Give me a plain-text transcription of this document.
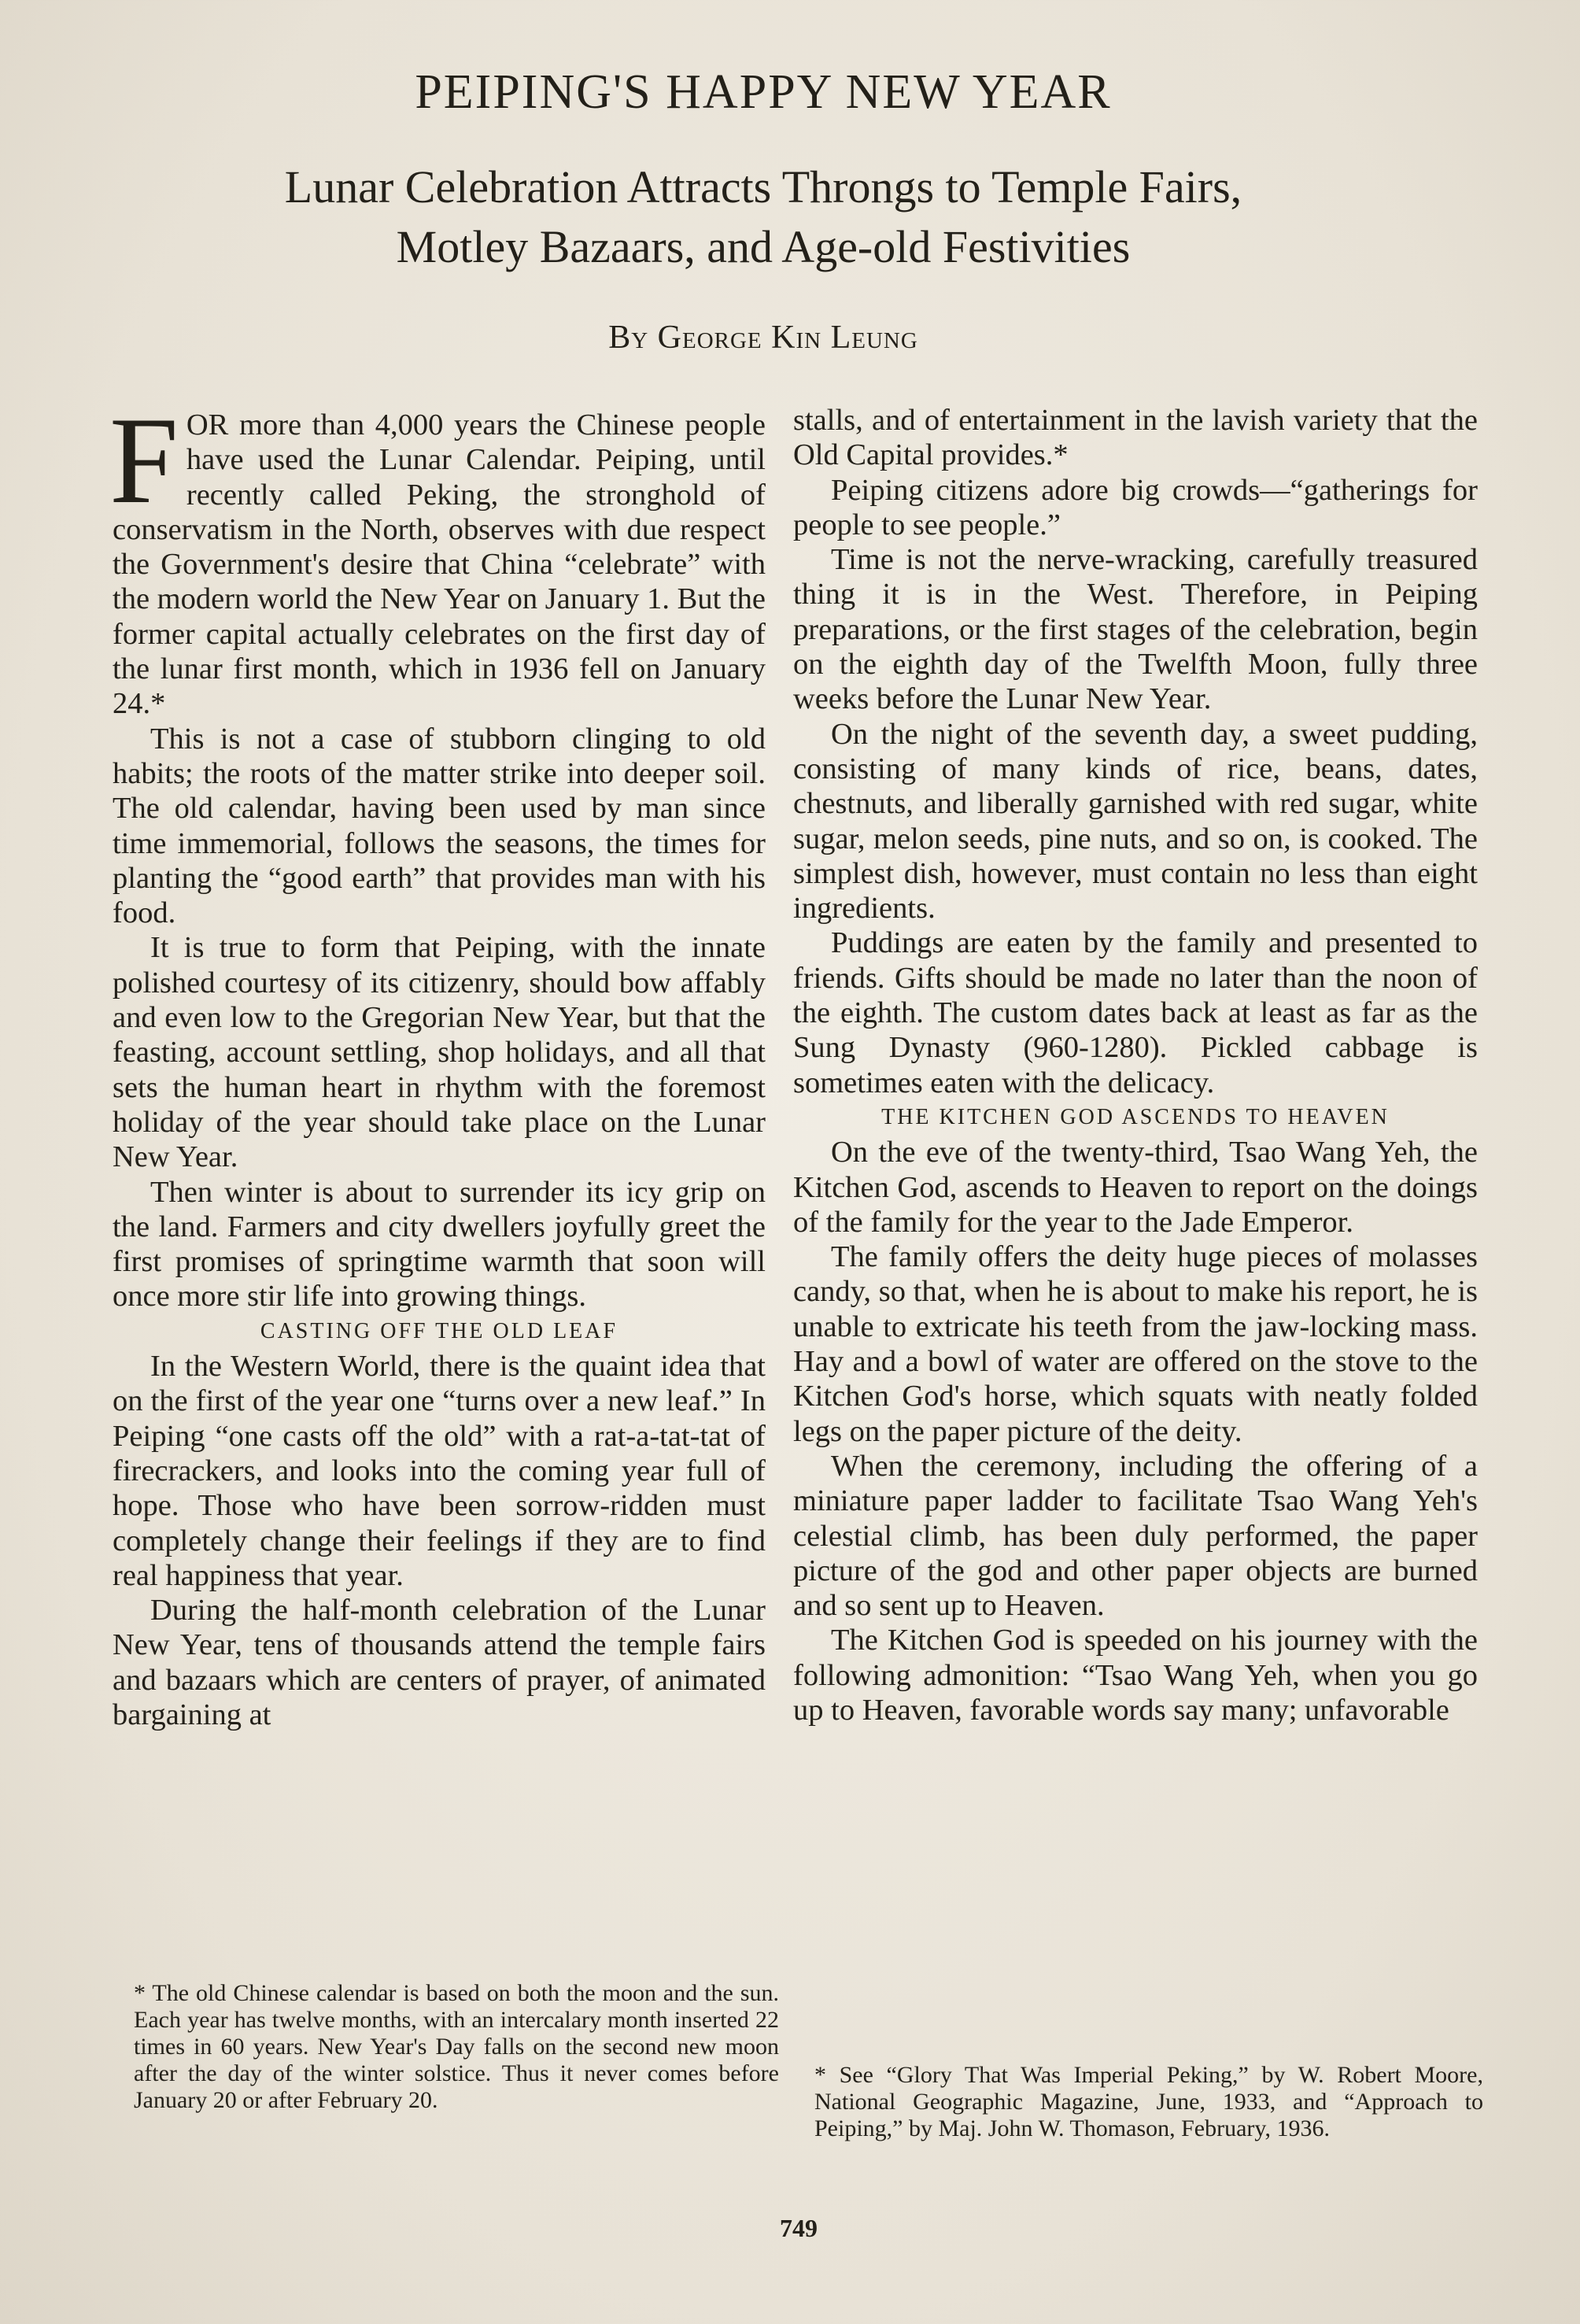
PEIPING'S HAPPY NEW YEAR
Lunar Celebration Attracts Throngs to Temple Fairs,
Motley Bazaars, and Age-old Festivities
By George Kin Leung

FOR more than 4,000 years the Chinese people have used the Lunar Calendar. Peiping, until recently called Peking, the stronghold of conservatism in the North, observes with due respect the Government's desire that China “celebrate” with the modern world the New Year on January 1. But the former capital actually celebrates on the first day of the lunar first month, which in 1936 fell on January 24.*

This is not a case of stubborn clinging to old habits; the roots of the matter strike into deeper soil. The old calendar, having been used by man since time immemorial, follows the seasons, the times for planting the “good earth” that provides man with his food.

It is true to form that Peiping, with the innate polished courtesy of its citizenry, should bow affably and even low to the Gregorian New Year, but that the feasting, account settling, shop holidays, and all that sets the human heart in rhythm with the foremost holiday of the year should take place on the Lunar New Year.

Then winter is about to surrender its icy grip on the land. Farmers and city dwellers joyfully greet the first promises of springtime warmth that soon will once more stir life into growing things.

CASTING OFF THE OLD LEAF

In the Western World, there is the quaint idea that on the first of the year one “turns over a new leaf.” In Peiping “one casts off the old” with a rat-a-tat-tat of firecrackers, and looks into the coming year full of hope. Those who have been sorrow-ridden must completely change their feelings if they are to find real happiness that year.

During the half-month celebration of the Lunar New Year, tens of thousands attend the temple fairs and bazaars which are centers of prayer, of animated bargaining at

stalls, and of entertainment in the lavish variety that the Old Capital provides.*

Peiping citizens adore big crowds—“gatherings for people to see people.”

Time is not the nerve-wracking, carefully treasured thing it is in the West. Therefore, in Peiping preparations, or the first stages of the celebration, begin on the eighth day of the Twelfth Moon, fully three weeks before the Lunar New Year.

On the night of the seventh day, a sweet pudding, consisting of many kinds of rice, beans, dates, chestnuts, and liberally garnished with red sugar, white sugar, melon seeds, pine nuts, and so on, is cooked. The simplest dish, however, must contain no less than eight ingredients.

Puddings are eaten by the family and presented to friends. Gifts should be made no later than the noon of the eighth. The custom dates back at least as far as the Sung Dynasty (960-1280). Pickled cabbage is sometimes eaten with the delicacy.

THE KITCHEN GOD ASCENDS TO HEAVEN

On the eve of the twenty-third, Tsao Wang Yeh, the Kitchen God, ascends to Heaven to report on the doings of the family for the year to the Jade Emperor.

The family offers the deity huge pieces of molasses candy, so that, when he is about to make his report, he is unable to extricate his teeth from the jaw-locking mass. Hay and a bowl of water are offered on the stove to the Kitchen God's horse, which squats with neatly folded legs on the paper picture of the deity.

When the ceremony, including the offering of a miniature paper ladder to facilitate Tsao Wang Yeh's celestial climb, has been duly performed, the paper picture of the god and other paper objects are burned and so sent up to Heaven.

The Kitchen God is speeded on his journey with the following admonition: “Tsao Wang Yeh, when you go up to Heaven, favorable words say many; unfavorable

* The old Chinese calendar is based on both the moon and the sun. Each year has twelve months, with an intercalary month inserted 22 times in 60 years. New Year's Day falls on the second new moon after the day of the winter solstice. Thus it never comes before January 20 or after February 20.
* See “Glory That Was Imperial Peking,” by W. Robert Moore, National Geographic Magazine, June, 1933, and “Approach to Peiping,” by Maj. John W. Thomason, February, 1936.
749
